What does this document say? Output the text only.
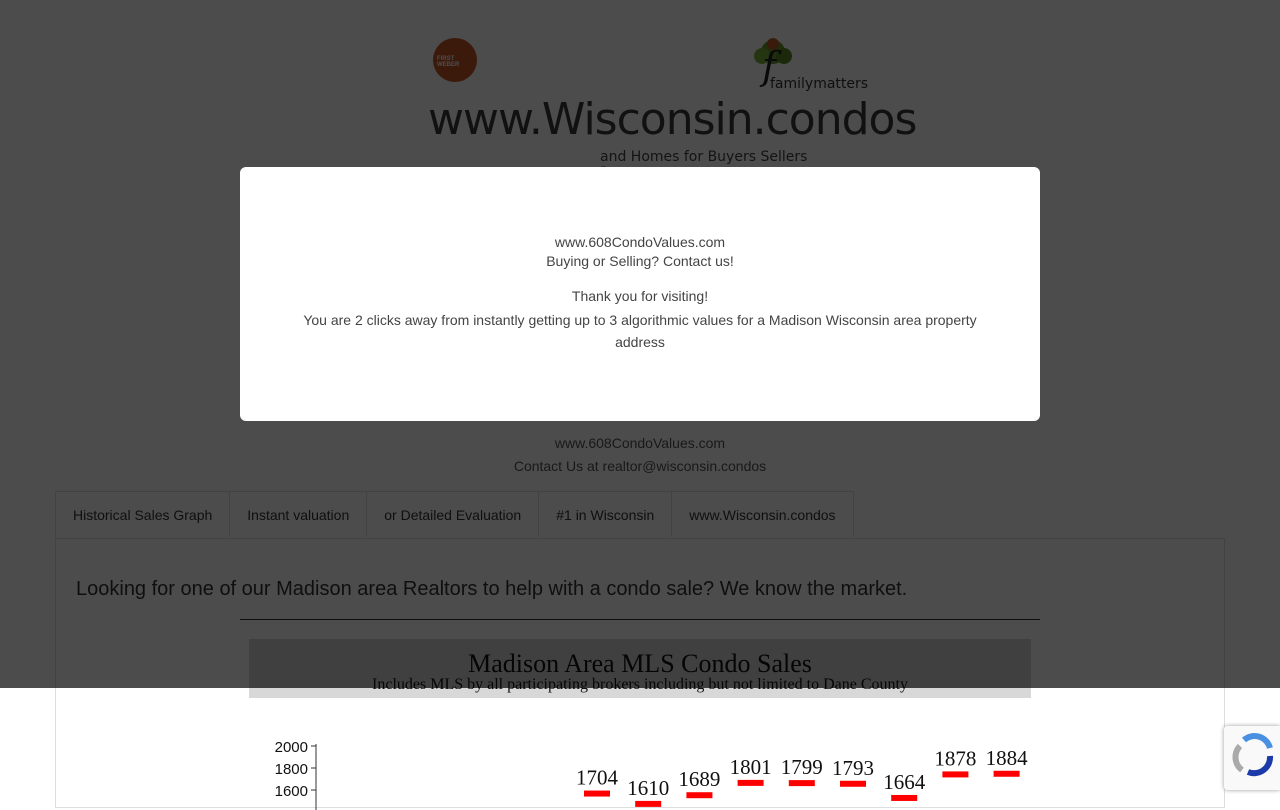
2000
1800
1600
1704 1610 1689
1801 1799 1793
1664
1878 1884

www.608CondoValues.com

Buying or Selling? Contact us!

Thank you for visiting!

You are 2 clicks away from instantly getting up to 3 algorithmic values for a Madison Wisconsin area property address
